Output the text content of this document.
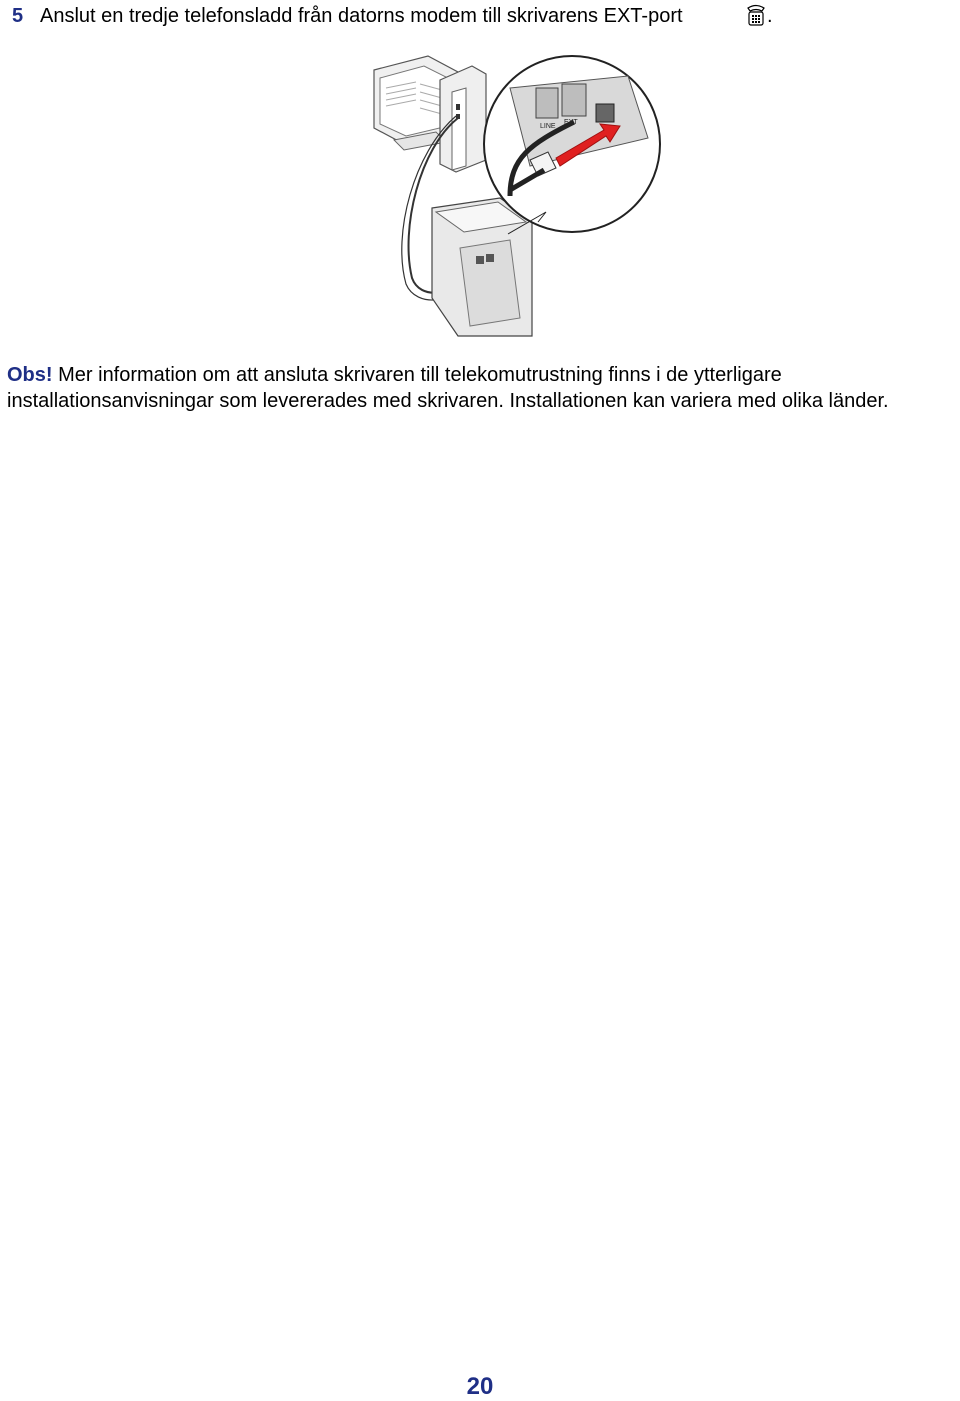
5 Anslut en tredje telefonsladd från datorns modem till skrivarens EXT-port	.
LINE
EXT
Obs! Mer information om att ansluta skrivaren till telekomutrustning finns i de ytterligare
installationsanvisningar som levererades med skrivaren. Installationen kan variera med olika länder.
20
